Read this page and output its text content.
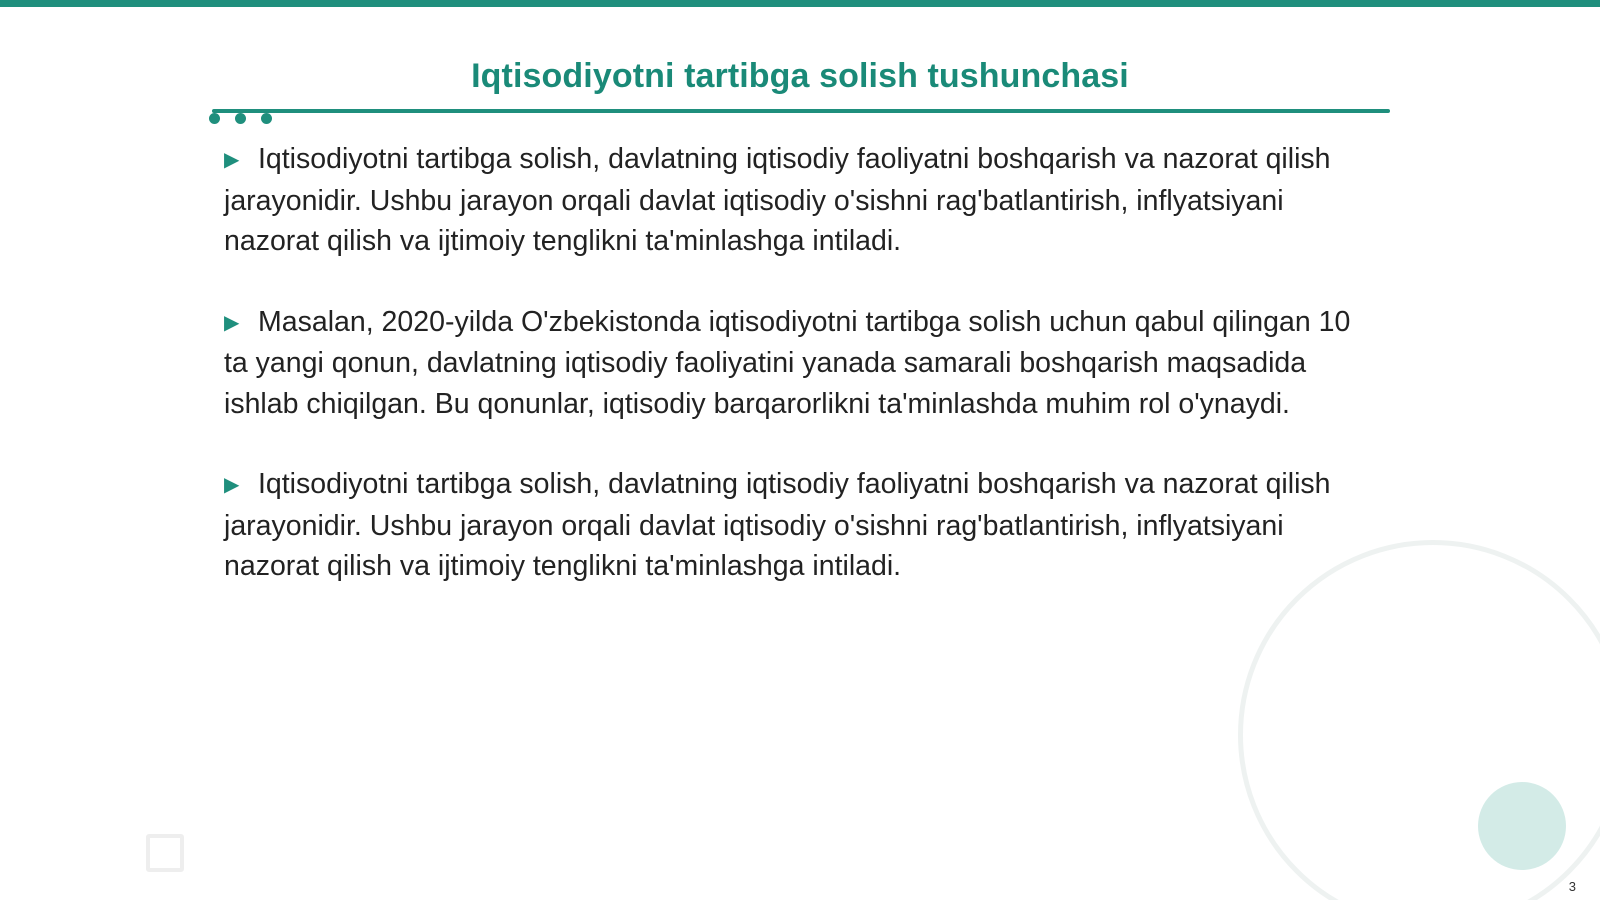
Iqtisodiyotni tartibga solish tushunchasi

▶ Iqtisodiyotni tartibga solish, davlatning iqtisodiy faoliyatni boshqarish va nazorat qilish jarayonidir. Ushbu jarayon orqali davlat iqtisodiy o'sishni rag'batlantirish, inflyatsiyani nazorat qilish va ijtimoiy tenglikni ta'minlashga intiladi.

▶ Masalan, 2020-yilda O'zbekistonda iqtisodiyotni tartibga solish uchun qabul qilingan 10 ta yangi qonun, davlatning iqtisodiy faoliyatini yanada samarali boshqarish maqsadida ishlab chiqilgan. Bu qonunlar, iqtisodiy barqarorlikni ta'minlashda muhim rol o'ynaydi.

▶ Iqtisodiyotni tartibga solish, davlatning iqtisodiy faoliyatni boshqarish va nazorat qilish jarayonidir. Ushbu jarayon orqali davlat iqtisodiy o'sishni rag'batlantirish, inflyatsiyani nazorat qilish va ijtimoiy tenglikni ta'minlashga intiladi.

3
